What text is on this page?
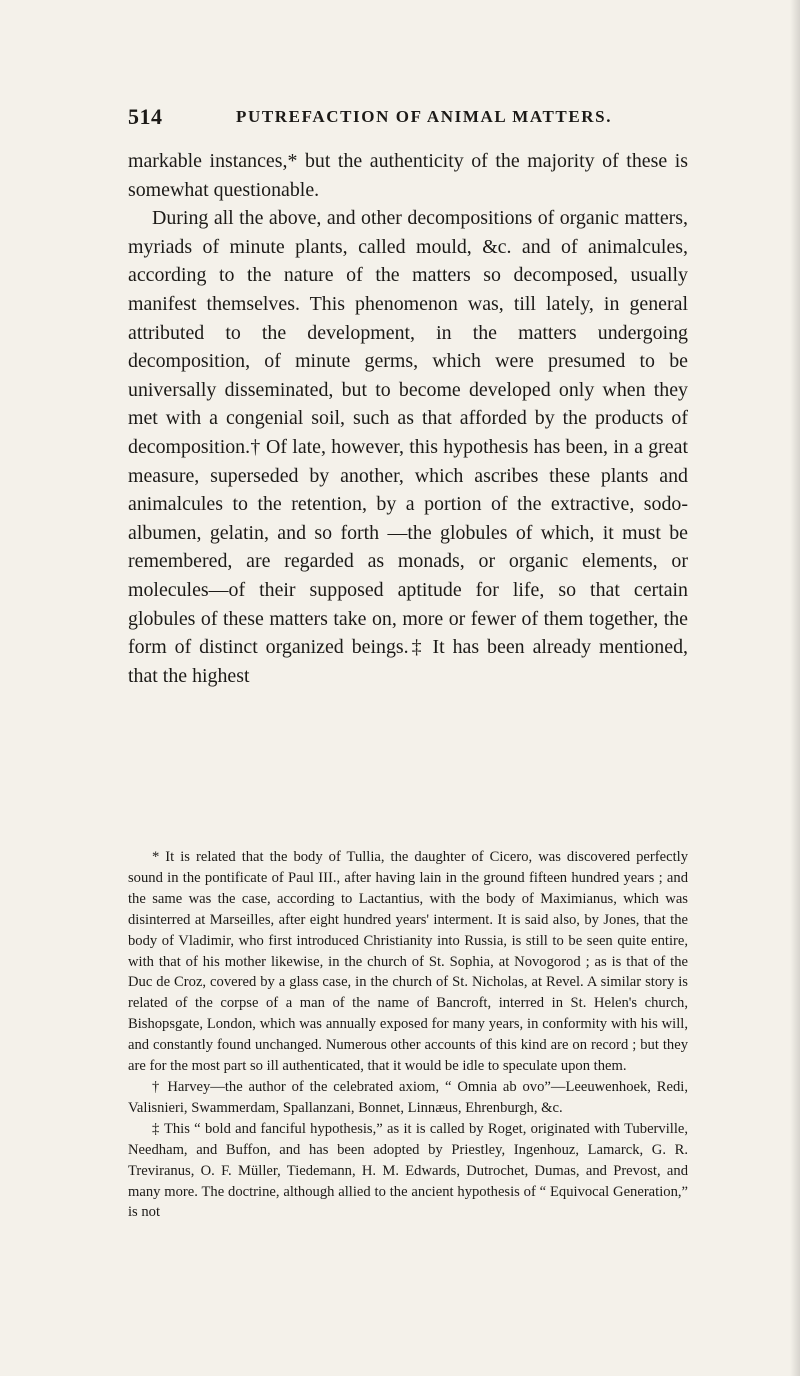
514	PUTREFACTION OF ANIMAL MATTERS.

markable instances,* but the authenticity of the majority of these is somewhat questionable.

During all the above, and other decompositions of organic matters, myriads of minute plants, called mould, &c. and of animalcules, according to the nature of the matters so decomposed, usually manifest themselves. This phenomenon was, till lately, in general attributed to the development, in the matters undergoing decomposition, of minute germs, which were presumed to be universally disseminated, but to become developed only when they met with a congenial soil, such as that afforded by the products of decomposition.† Of late, however, this hypothesis has been, in a great measure, superseded by another, which ascribes these plants and animalcules to the retention, by a portion of the extractive, sodo-albumen, gelatin, and so forth —the globules of which, it must be remembered, are regarded as monads, or organic elements, or molecules—of their supposed aptitude for life, so that certain globules of these matters take on, more or fewer of them together, the form of distinct organized beings.‡ It has been already mentioned, that the highest

* It is related that the body of Tullia, the daughter of Cicero, was discovered perfectly sound in the pontificate of Paul III., after having lain in the ground fifteen hundred years ; and the same was the case, according to Lactantius, with the body of Maximianus, which was disinterred at Marseilles, after eight hundred years' interment. It is said also, by Jones, that the body of Vladimir, who first introduced Christianity into Russia, is still to be seen quite entire, with that of his mother likewise, in the church of St. Sophia, at Novogorod ; as is that of the Duc de Croz, covered by a glass case, in the church of St. Nicholas, at Revel. A similar story is related of the corpse of a man of the name of Bancroft, interred in St. Helen's church, Bishopsgate, London, which was annually exposed for many years, in conformity with his will, and constantly found unchanged. Numerous other accounts of this kind are on record ; but they are for the most part so ill authenticated, that it would be idle to speculate upon them.

† Harvey—the author of the celebrated axiom, “ Omnia ab ovo”—Leeuwenhoek, Redi, Valisnieri, Swammerdam, Spallanzani, Bonnet, Linnæus, Ehrenburgh, &c.

‡ This “ bold and fanciful hypothesis,” as it is called by Roget, originated with Tuberville, Needham, and Buffon, and has been adopted by Priestley, Ingenhouz, Lamarck, G. R. Treviranus, O. F. Müller, Tiedemann, H. M. Edwards, Dutrochet, Dumas, and Prevost, and many more. The doctrine, although allied to the ancient hypothesis of “ Equivocal Generation,” is not
